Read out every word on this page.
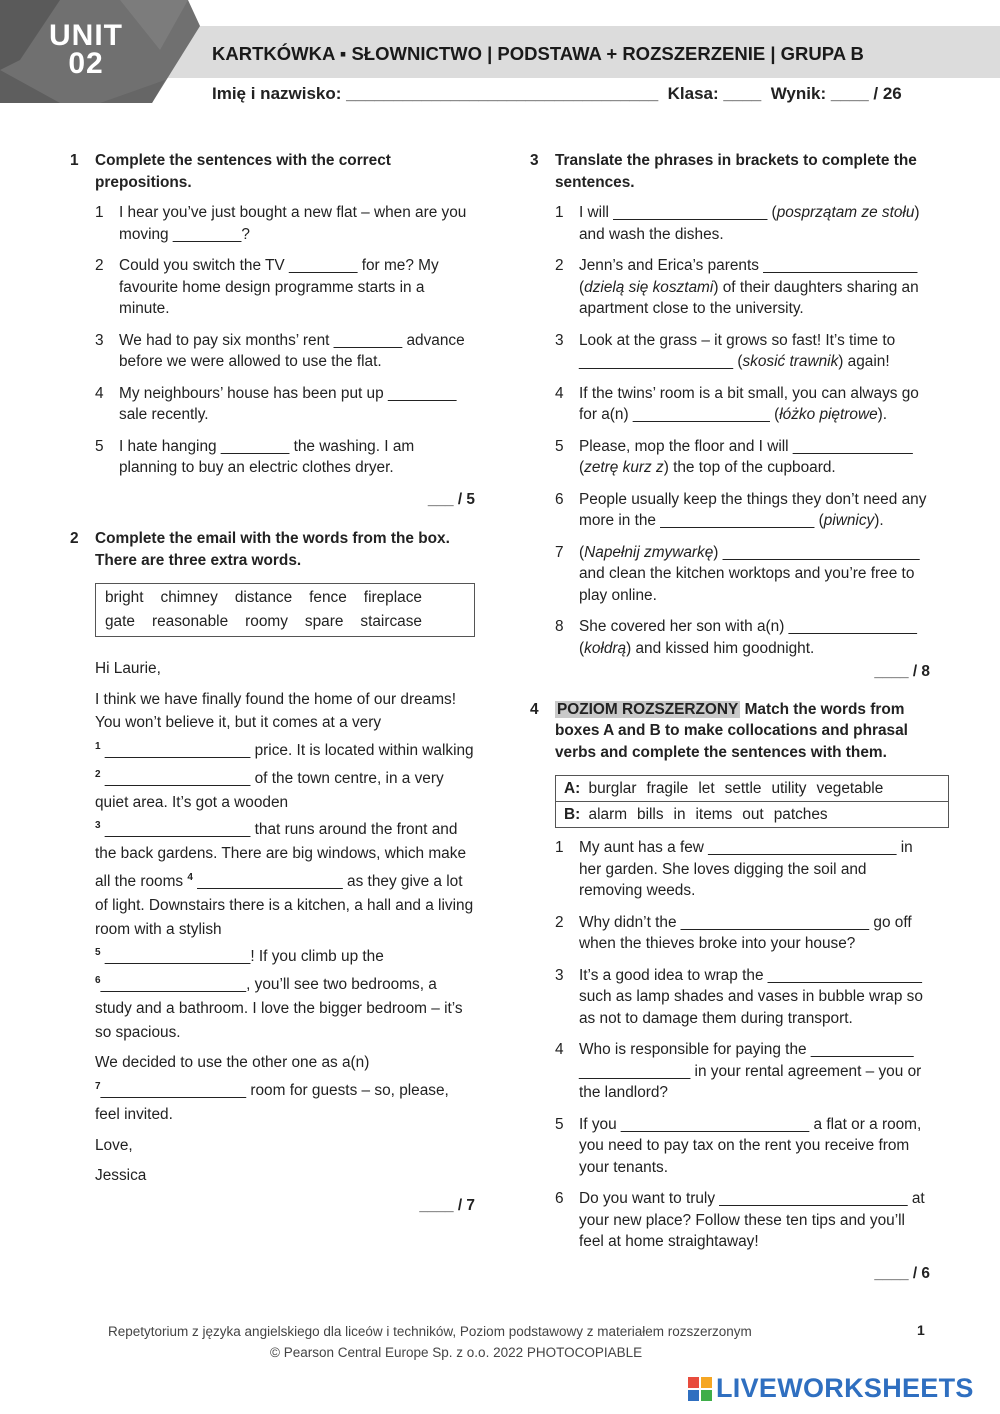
UNIT
02	KARTKÓWKA ▪ SŁOWNICTWO | PODSTAWA + ROZSZERZENIE | GRUPA B
Imię i nazwisko: _________________________________ Klasa: ____ Wynik: ____ / 26
1 Complete the sentences with the correct prepositions.
1	I hear you’ve just bought a new flat – when are you moving ________?
2	Could you switch the TV ________ for me? My favourite home design programme starts in a minute.
3	We had to pay six months’ rent ________ advance before we were allowed to use the flat.
4	My neighbours’ house has been put up ________ sale recently.
5	I hate hanging ________ the washing. I am planning to buy an electric clothes dryer.
___ / 5
2 Complete the email with the words from the box. There are three extra words.
bright chimney distance fence fireplace
gate reasonable roomy spare staircase

Hi Laurie,

I think we have finally found the home of our dreams! You won’t believe it, but it comes at a very
$^1$ _________________ price. It is located within walking $^2$ _________________ of the town centre, in a very quiet area. It’s got a wooden
$^3$ _________________ that runs around the front and the back gardens. There are big windows, which make all the rooms $^4$ _________________ as they give a lot of light. Downstairs there is a kitchen, a hall and a living room with a stylish
$^5$ _________________! If you climb up the
$^6$_________________, you’ll see two bedrooms, a study and a bathroom. I love the bigger bedroom – it’s so spacious.

We decided to use the other one as a(n)
$^7$_________________ room for guests – so, please, feel invited.

Love,

Jessica

____ / 7
3 Translate the phrases in brackets to complete the sentences.
1	I will __________________ (posprzątam ze stołu) and wash the dishes.
2	Jenn’s and Erica’s parents __________________ (dzielą się kosztami) of their daughters sharing an apartment close to the university.
3	Look at the grass – it grows so fast! It’s time to __________________ (skosić trawnik) again!
4	If the twins’ room is a bit small, you can always go for a(n) ________________ (łóżko piętrowe).
5	Please, mop the floor and I will ______________ (zetrę kurz z) the top of the cupboard.
6	People usually keep the things they don’t need any more in the __________________ (piwnicy).
7	(Napełnij zmywarkę) _______________________ and clean the kitchen worktops and you’re free to play online.
8	She covered her son with a(n) _______________ (kołdrą) and kissed him goodnight.
____ / 8
4 POZIOM ROZSZERZONY Match the words from boxes A and B to make collocations and phrasal verbs and complete the sentences with them.
A: burglar fragile let settle utility vegetable
B: alarm bills in items out patches
1	My aunt has a few ______________________ in her garden. She loves digging the soil and removing weeds.
2	Why didn’t the ______________________ go off when the thieves broke into your house?
3	It’s a good idea to wrap the __________________ such as lamp shades and vases in bubble wrap so as not to damage them during transport.
4	Who is responsible for paying the ____________ _____________ in your rental agreement – you or the landlord?
5	If you ______________________ a flat or a room, you need to pay tax on the rent you receive from your tenants.
6	Do you want to truly ______________________ at your new place? Follow these ten tips and you’ll feel at home straightaway!
____ / 6
Repetytorium z języka angielskiego dla liceów i techników, Poziom podstawowy z materiałem rozszerzonym
© Pearson Central Europe Sp. z o.o. 2022 PHOTOCOPIABLE
1
LIVEWORKSHEETS
